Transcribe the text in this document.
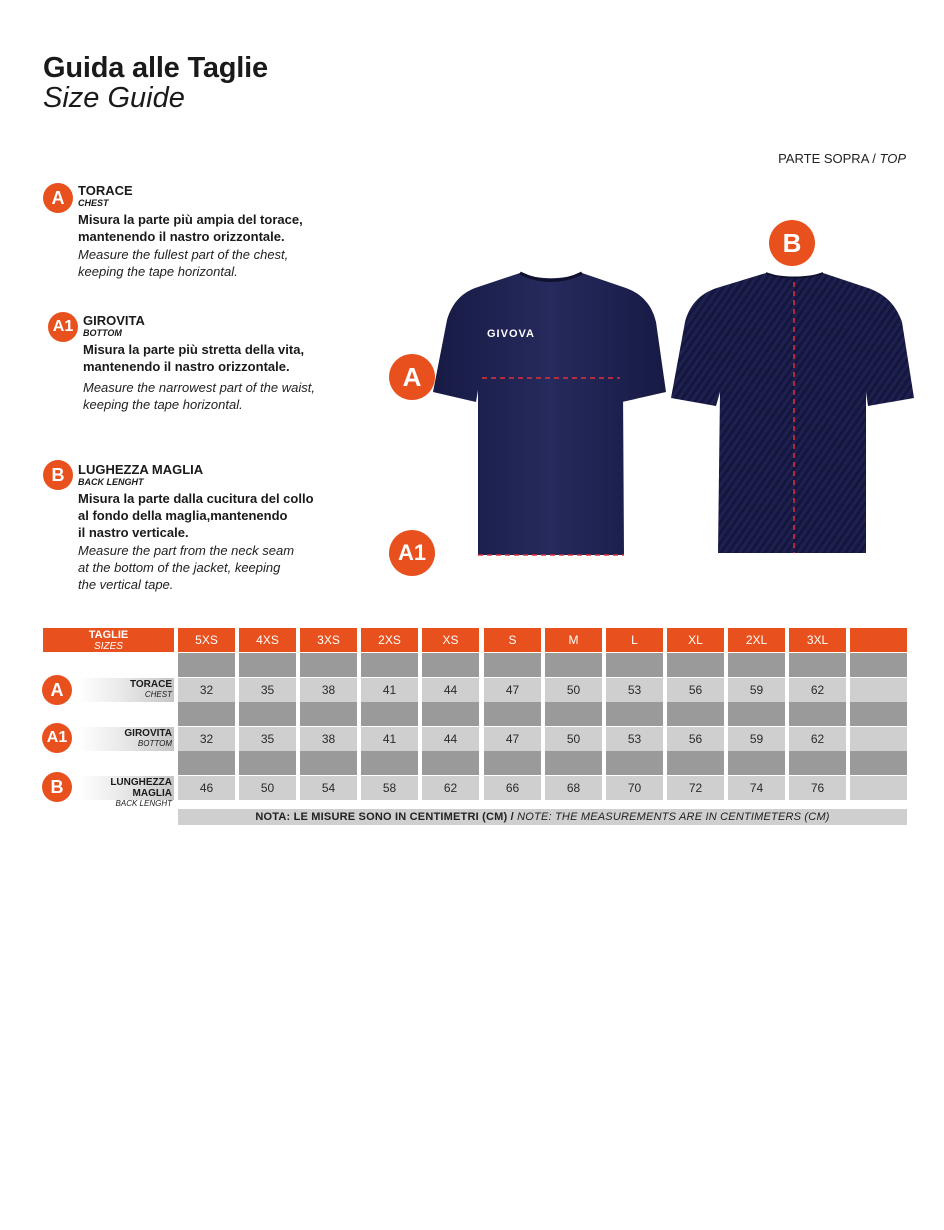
Guida alle Taglie
Size Guide
PARTE SOPRA / TOP
A	TORACE
CHEST
Misura la parte più ampia del torace,
mantenendo il nastro orizzontale.
Measure the fullest part of the chest,
keeping the tape horizontal.
A1 GIROVITA
BOTTOM
Misura la parte più stretta della vita,
mantenendo il nastro orizzontale.
Measure the narrowest part of the waist,
keeping the tape horizontal.
B	LUGHEZZA MAGLIA
BACK LENGHT
Misura la parte dalla cucitura del collo
al fondo della maglia,mantenendo
il nastro verticale.
Measure the part from the neck seam
at the bottom of the jacket, keeping
the vertical tape.
GIVOVA
A
A1
B
TAGLIE
SIZES
A
A1
B
TORACE
CHEST
GIROVITA
BOTTOM
LUNGHEZZA MAGLIA
BACK LENGHT
5XS
32
32
46
4XS
35
35
50
3XS
38
38
54
2XS
41
41
58
XS
44
44
62
S
47
47
66
M
50
50
68
L
53
53
70
XL
56
56
72
2XL
59
59
74
3XL
62
62
76
NOTA: LE MISURE SONO IN CENTIMETRI (CM) /
NOTE: THE MEASUREMENTS ARE IN CENTIMETERS (CM)
